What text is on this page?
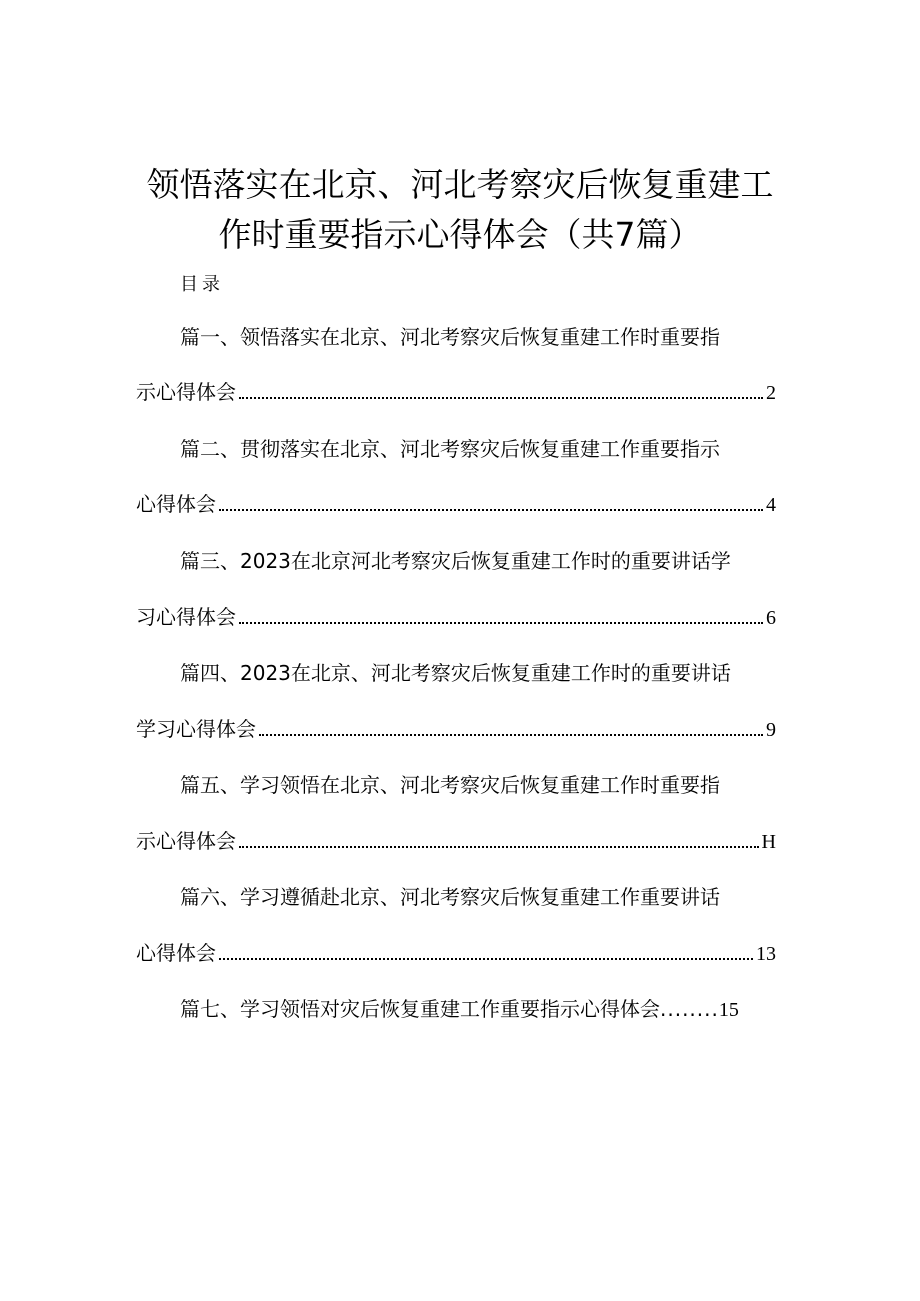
领悟落实在北京、河北考察灾后恢复重建工
作时重要指示心得体会（共7篇）
目录
篇一、领悟落实在北京、河北考察灾后恢复重建工作时重要指
示心得体会	2
篇二、贯彻落实在北京、河北考察灾后恢复重建工作重要指示
心得体会	4
篇三、2023在北京河北考察灾后恢复重建工作时的重要讲话学
习心得体会	6
篇四、2023在北京、河北考察灾后恢复重建工作时的重要讲话
学习心得体会	9
篇五、学习领悟在北京、河北考察灾后恢复重建工作时重要指
示心得体会	H
篇六、学习遵循赴北京、河北考察灾后恢复重建工作重要讲话
心得体会	13
篇七、学习领悟对灾后恢复重建工作重要指示心得体会 ........ 15
